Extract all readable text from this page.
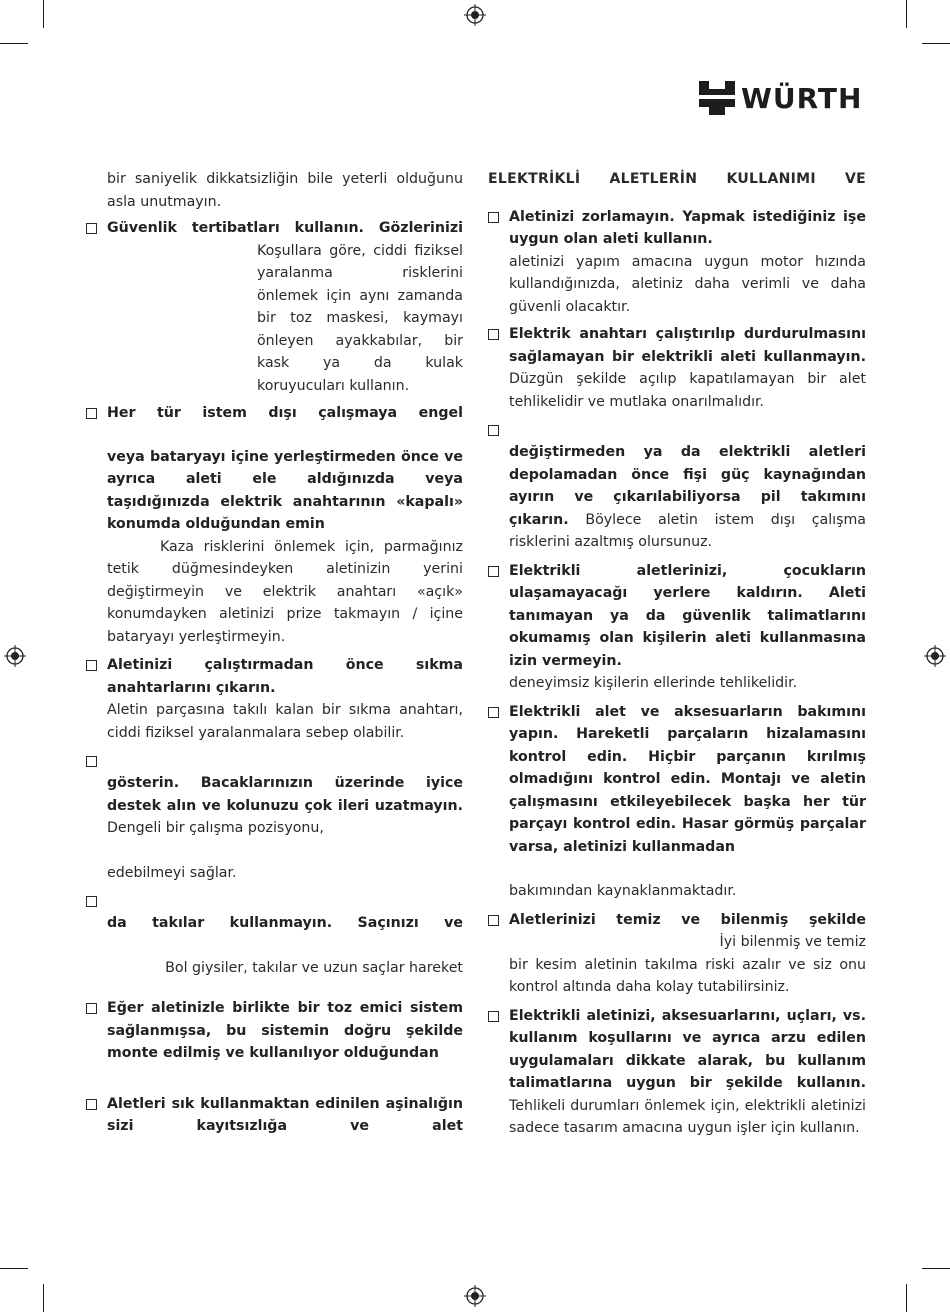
WÜRTH

bir saniyelik dikkatsizliğin bile yeterli olduğunu asla unutmayın.

Güvenlik tertibatları kullanın. Gözlerinizi

Koşullara göre, ciddi fiziksel yaralanma risklerini önlemek için aynı zamanda bir toz maskesi, kaymayı önleyen ayakkabılar, bir kask ya da kulak koruyucuları kullanın.

Her tür istem dışı çalışmaya engel

veya bataryayı içine yerleştirmeden önce ve ayrıca aleti ele aldığınızda veya taşıdığınızda elektrik anahtarının «kapalı» konumda olduğundan emin

Kaza risklerini önlemek için, parmağınız tetik düğmesindeyken aletinizin yerini değiştirmeyin ve elektrik anahtarı «açık» konumdayken aletinizi prize takmayın / içine bataryayı yerleştirmeyin.

Aletinizi çalıştırmadan önce sıkma anahtarlarını çıkarın.

Aletin parçasına takılı kalan bir sıkma anahtarı, ciddi fiziksel yaralanmalara sebep olabilir.

gösterin. Bacaklarınızın üzerinde iyice destek alın ve kolunuzu çok ileri uzatmayın. Dengeli bir çalışma pozisyonu,

edebilmeyi sağlar.

da takılar kullanmayın. Saçınızı ve

Bol giysiler, takılar ve uzun saçlar hareket

Eğer aletinizle birlikte bir toz emici sistem sağlanmışsa, bu sistemin doğru şekilde monte edilmiş ve kullanılıyor olduğundan

Aletleri sık kullanmaktan edinilen aşinalığın sizi kayıtsızlığa ve alet

ELEKTRİKLİ ALETLERİN KULLANIMI VE

Aletinizi zorlamayın. Yapmak istediğiniz işe uygun olan aleti kullanın.

aletinizi yapım amacına uygun motor hızında kullandığınızda, aletiniz daha verimli ve daha güvenli olacaktır.

Elektrik anahtarı çalıştırılıp durdurulmasını sağlamayan bir elektrikli aleti kullanmayın. Düzgün şekilde açılıp kapatılamayan bir alet tehlikelidir ve mutlaka onarılmalıdır.

değiştirmeden ya da elektrikli aletleri depolamadan önce fişi güç kaynağından ayırın ve çıkarılabiliyorsa pil takımını çıkarın. Böylece aletin istem dışı çalışma risklerini azaltmış olursunuz.

Elektrikli aletlerinizi, çocukların ulaşamayacağı yerlere kaldırın. Aleti tanımayan ya da güvenlik talimatlarını okumamış olan kişilerin aleti kullanmasına izin vermeyin.

deneyimsiz kişilerin ellerinde tehlikelidir.

Elektrikli alet ve aksesuarların bakımını yapın. Hareketli parçaların hizalamasını kontrol edin. Hiçbir parçanın kırılmış olmadığını kontrol edin. Montajı ve aletin çalışmasını etkileyebilecek başka her tür parçayı kontrol edin. Hasar görmüş parçalar varsa, aletinizi kullanmadan

bakımından kaynaklanmaktadır.

Aletlerinizi temiz ve bilenmiş şekilde

İyi bilenmiş ve temiz

bir kesim aletinin takılma riski azalır ve siz onu kontrol altında daha kolay tutabilirsiniz.

Elektrikli aletinizi, aksesuarlarını, uçları, vs. kullanım koşullarını ve ayrıca arzu edilen uygulamaları dikkate alarak, bu kullanım talimatlarına uygun bir şekilde kullanın. Tehlikeli durumları önlemek için, elektrikli aletinizi sadece tasarım amacına uygun işler için kullanın.
